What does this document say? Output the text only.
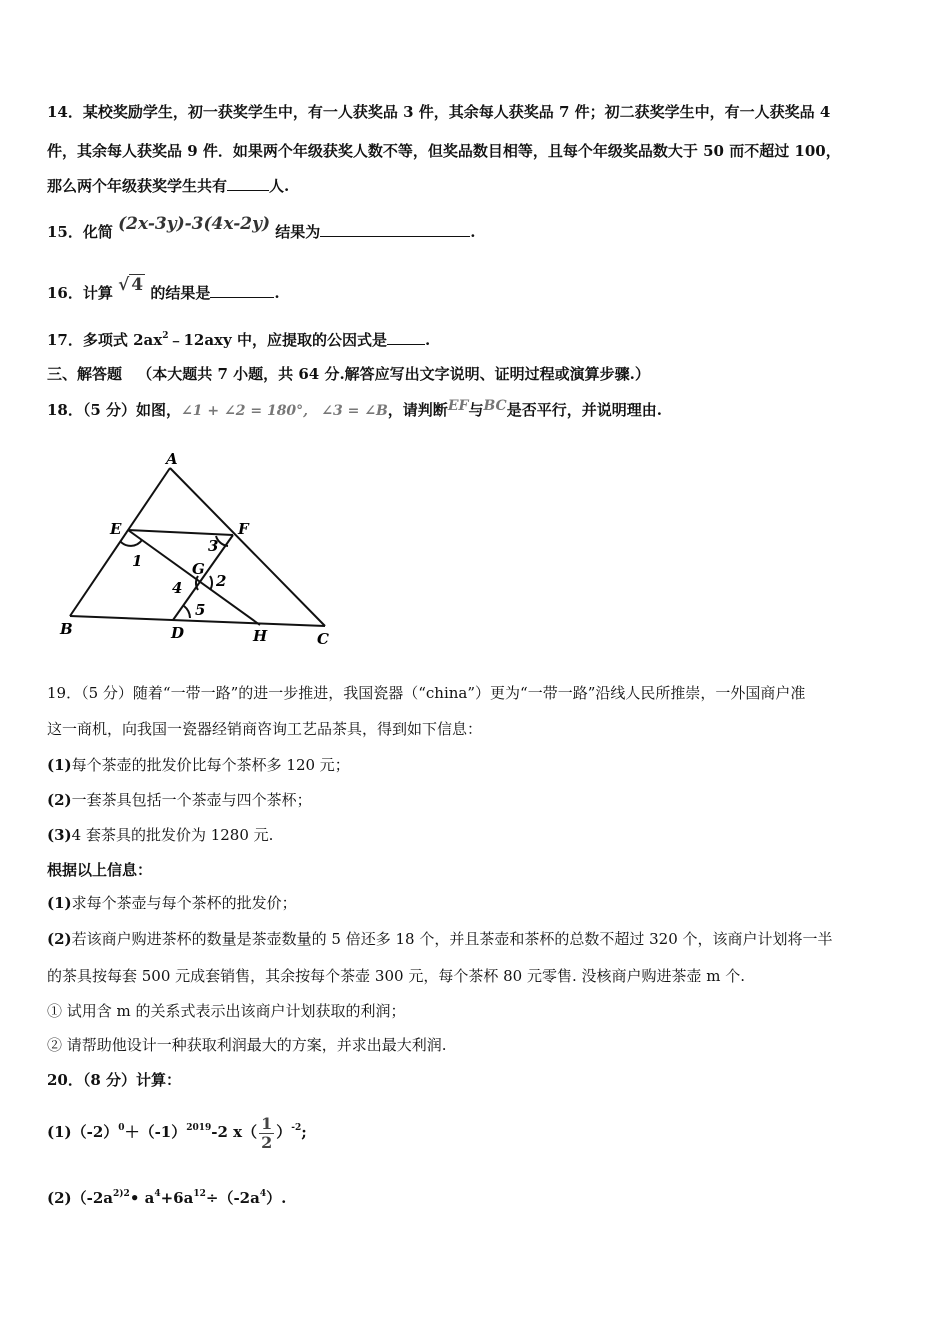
14．某校奖励学生，初一获奖学生中，有一人获奖品 3 件，其余每人获奖品 7 件；初二获奖学生中，有一人获奖品 4
件，其余每人获奖品 9 件．如果两个年级获奖人数不等，但奖品数目相等，且每个年级奖品数大于 50 而不超过 100，
那么两个年级获奖学生共有	人.
15．化简 (2x-3y)-3(4x-2y) 结果为	.
16．计算 √ 4 的结果是	.
17．多项式 $2ax^2﹣12axy$ 中，应提取的公因式是	.
三、解答题 （本大题共 7 小题，共 64 分.解答应写出文字说明、证明过程或演算步骤.）
18．（5 分）如图，∠1 + ∠2 = 180°, ∠3 = ∠B，请判断EF与BC是否平行，并说明理由.
A
E	F
G
B	D	H	C
1
2
3
4
5
19．（5 分）随着“一带一路”的进一步推进，我国瓷器（“china”）更为“一带一路”沿线人民所推崇，一外国商户准
这一商机，向我国一瓷器经销商咨询工艺品茶具，得到如下信息：
(1)每个茶壶的批发价比每个茶杯多 120 元；
(2)一套茶具包括一个茶壶与四个茶杯；
(3)4 套茶具的批发价为 1280 元.
根据以上信息：
(1)求每个茶壶与每个茶杯的批发价；
(2)若该商户购进茶杯的数量是茶壶数量的 5 倍还多 18 个，并且茶壶和茶杯的总数不超过 320 个，该商户计划将一半
的茶具按每套 500 元成套销售，其余按每个茶壶 300 元，每个茶杯 80 元零售. 没核商户购进茶壶 m 个.
① 试用含 m 的关系式表示出该商户计划获取的利润；
② 请帮助他设计一种获取利润最大的方案，并求出最大利润.
20．（8 分）计算：
$(1)(-2)^0+(-1)^{2019}-2$ $x( \frac{1}{2} )^{-2}$;
$(2)(-2a^{2)2}•$ $a^4+6a^{12}\div(-2a^4)$.
